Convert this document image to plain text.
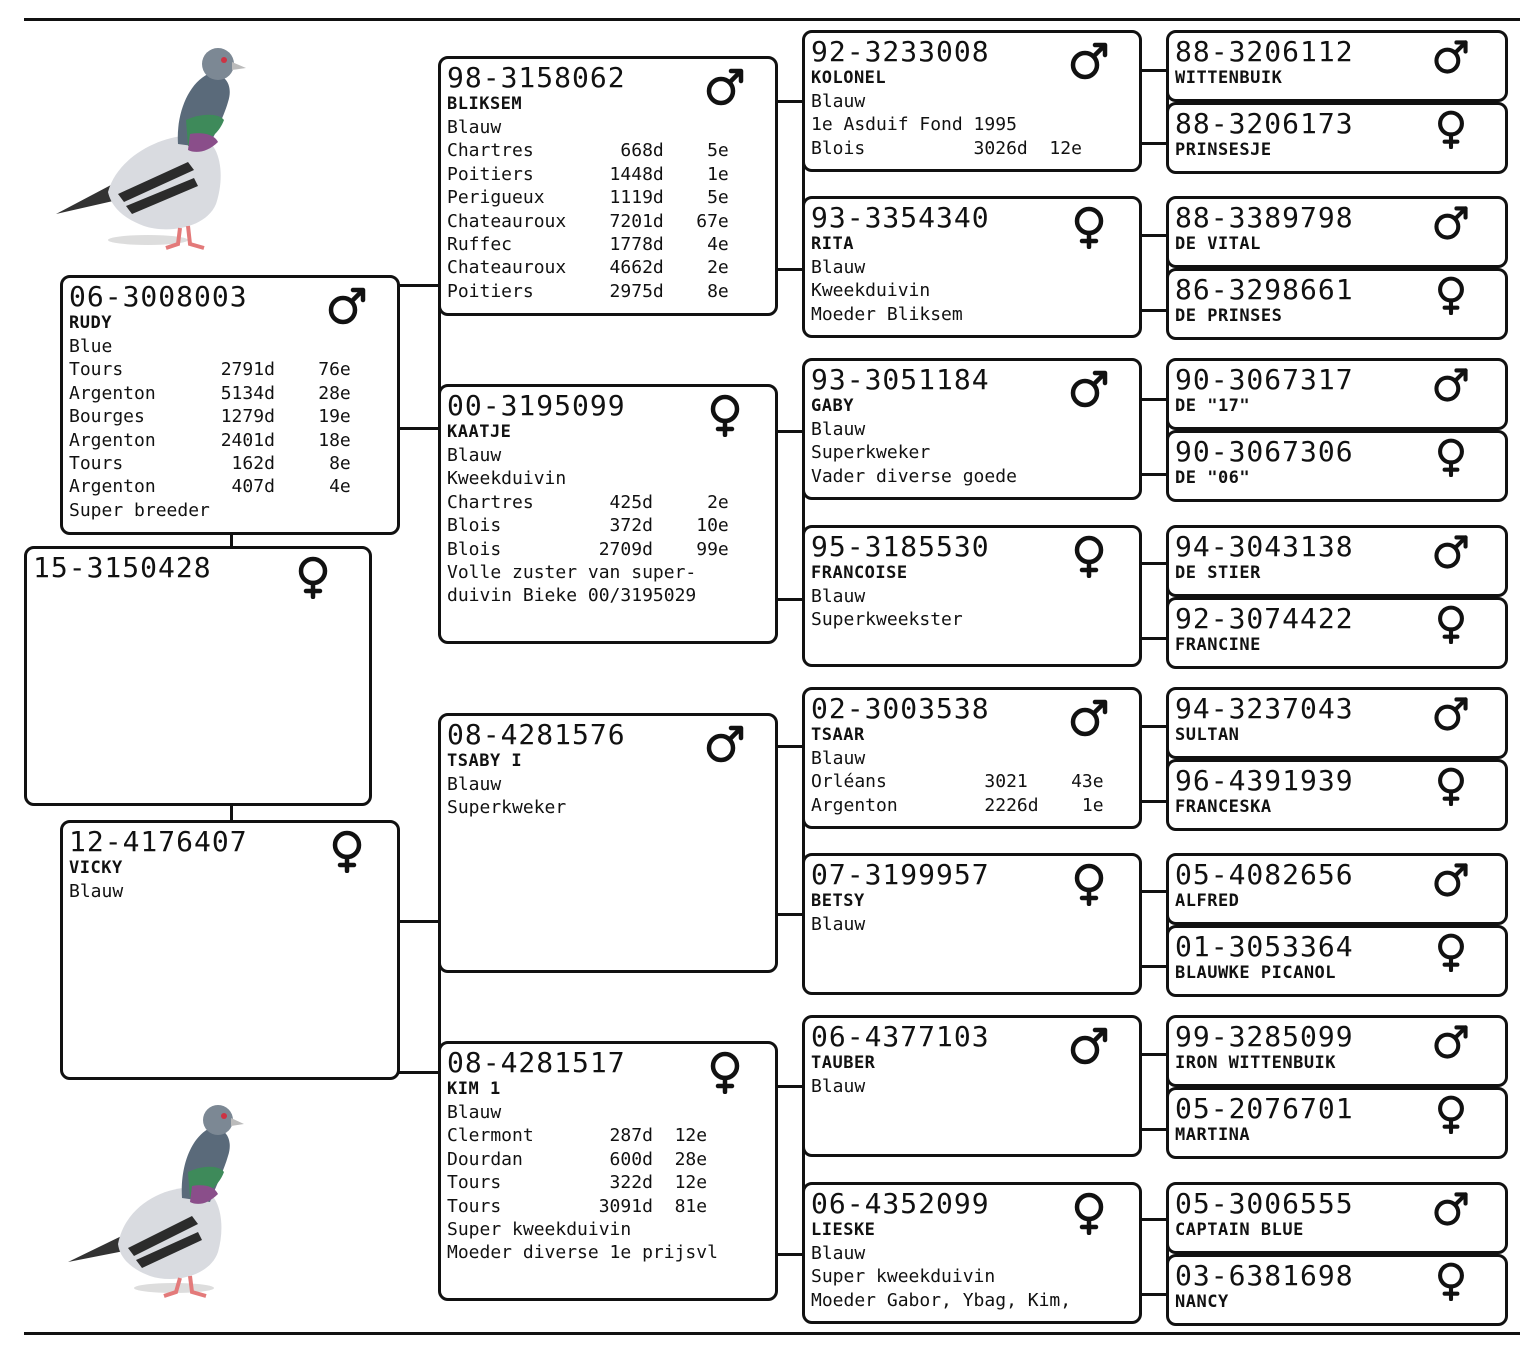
15-3150428
06-3008003
RUDY
Blue
Tours         2791d    76e
Argenton      5134d    28e
Bourges       1279d    19e
Argenton      2401d    18e
Tours          162d     8e
Argenton       407d     4e
Super breeder
12-4176407
VICKY
Blauw
98-3158062
BLIKSEM
Blauw
Chartres        668d    5e
Poitiers       1448d    1e
Perigueux      1119d    5e
Chateauroux    7201d   67e
Ruffec         1778d    4e
Chateauroux    4662d    2e
Poitiers       2975d    8e
00-3195099
KAATJE
Blauw
Kweekduivin
Chartres       425d     2e
Blois          372d    10e
Blois         2709d    99e
Volle zuster van super-
duivin Bieke 00/3195029
08-4281576
TSABY I
Blauw
Superkweker
08-4281517
KIM 1
Blauw
Clermont       287d  12e
Dourdan        600d  28e
Tours          322d  12e
Tours         3091d  81e
Super kweekduivin
Moeder diverse 1e prijsvl
92-3233008
KOLONEL
Blauw
1e Asduif Fond 1995
Blois          3026d  12e
93-3354340
RITA
Blauw
Kweekduivin
Moeder Bliksem
93-3051184
GABY
Blauw
Superkweker
Vader diverse goede
95-3185530
FRANCOISE
Blauw
Superkweekster
02-3003538
TSAAR
Blauw
Orléans         3021    43e
Argenton        2226d    1e
07-3199957
BETSY
Blauw
06-4377103
TAUBER
Blauw
06-4352099
LIESKE
Blauw
Super kweekduivin
Moeder Gabor, Ybag, Kim,
88-3206112
WITTENBUIK
88-3206173
PRINSESJE
88-3389798
DE VITAL
86-3298661
DE PRINSES
90-3067317
DE "17"
90-3067306
DE "06"
94-3043138
DE STIER
92-3074422
FRANCINE
94-3237043
SULTAN
96-4391939
FRANCESKA
05-4082656
ALFRED
01-3053364
BLAUWKE PICANOL
99-3285099
IRON WITTENBUIK
05-2076701
MARTINA
05-3006555
CAPTAIN BLUE
03-6381698
NANCY
